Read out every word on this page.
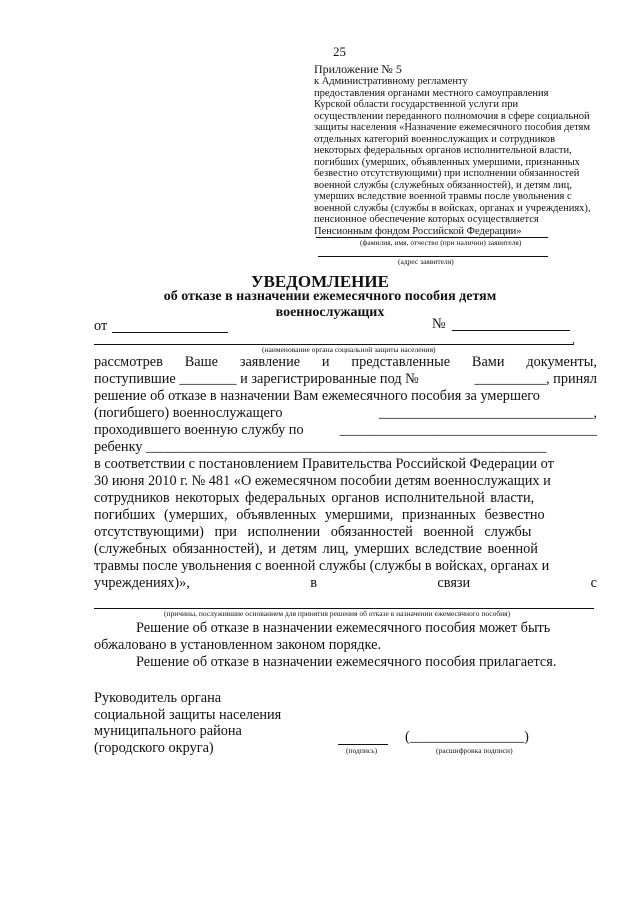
25
Приложение № 5
к Административному регламенту
предоставления органами местного самоуправления
Курской области государственной услуги при
осуществлении переданного полномочия в сфере социальной
защиты населения «Назначение ежемесячного пособия детям
отдельных категорий военнослужащих и сотрудников
некоторых федеральных органов исполнительной власти,
погибших (умерших, объявленных умершими, признанных
безвестно отсутствующими) при исполнении обязанностей
военной службы (служебных обязанностей), и детям лиц,
умерших вследствие военной травмы после увольнения с
военной службы (службы в войсках, органах и учреждениях),
пенсионное обеспечение которых осуществляется
Пенсионным фондом Российской Федерации»
(фамилия, имя, отчество (при наличии) заявителя)
(адрес заявителя)
УВЕДОМЛЕНИЕ
об отказе в назначении ежемесячного пособия детям военнослужащих
от	№
,
(наименование органа социальной защиты населения)
рассмотрев Ваше заявление и представленные Вами документы,
поступившие ________ и зарегистрированные под №	__________, принял
решение об отказе в назначении Вам ежемесячного пособия за умершего
(погибшего) военнослужащего	______________________________,
проходившего военную службу по	____________________________________
ребенку ________________________________________________________
в соответствии с постановлением Правительства Российской Федерации от
30 июня 2010 г. № 481 «О ежемесячном пособии детям военнослужащих и
сотрудников некоторых федеральных органов исполнительной власти,
погибших (умерших, объявленных умершими, признанных безвестно
отсутствующими) при исполнении обязанностей военной службы
(служебных обязанностей), и детям лиц, умерших вследствие военной
травмы после увольнения с военной службы (службы в войсках, органах и
учреждениях)»,	в	связи	с
(причины, послужившие основанием для принятия решения об отказе в назначении ежемесячного пособия)
Решение об отказе в назначении ежемесячного пособия может быть
обжаловано в установленном законом порядке.
Решение об отказе в назначении ежемесячного пособия прилагается.
Руководитель органа
социальной защиты населения
муниципального района
(городского округа)	(подпись)
(________________)
(расшифровка подписи)
